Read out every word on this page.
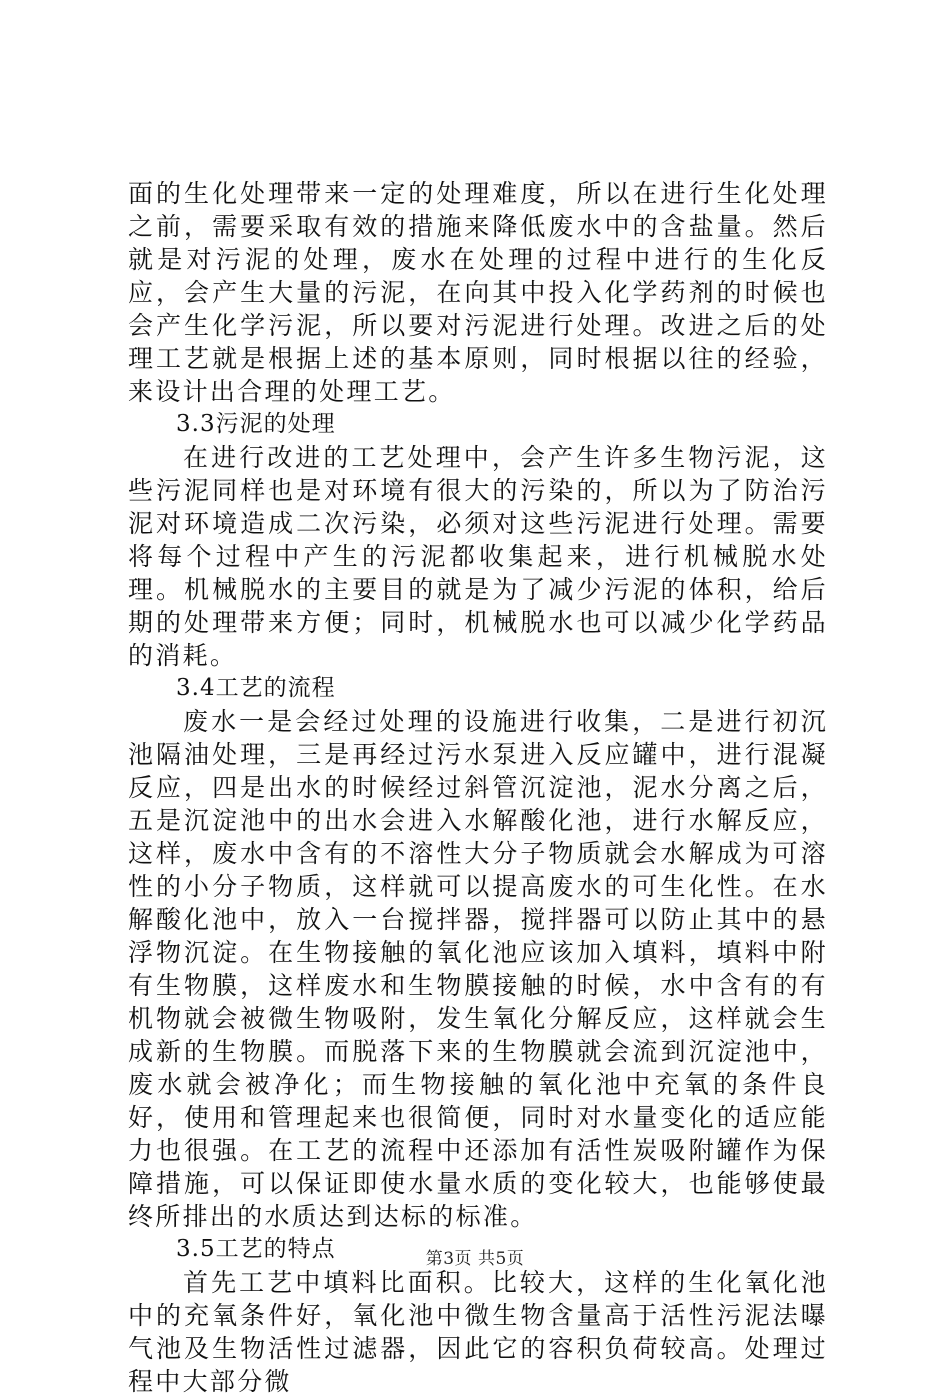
面的生化处理带来一定的处理难度，所以在进行生化处理之前，需要采取有效的措施来降低废水中的含盐量。然后就是对污泥的处理，废水在处理的过程中进行的生化反应，会产生大量的污泥，在向其中投入化学药剂的时候也会产生化学污泥，所以要对污泥进行处理。改进之后的处理工艺就是根据上述的基本原则，同时根据以往的经验，来设计出合理的处理工艺。

3.3污泥的处理

在进行改进的工艺处理中，会产生许多生物污泥，这些污泥同样也是对环境有很大的污染的，所以为了防治污泥对环境造成二次污染，必须对这些污泥进行处理。需要将每个过程中产生的污泥都收集起来，进行机械脱水处理。机械脱水的主要目的就是为了减少污泥的体积，给后期的处理带来方便；同时，机械脱水也可以减少化学药品的消耗。

3.4工艺的流程

废水一是会经过处理的设施进行收集，二是进行初沉池隔油处理，三是再经过污水泵进入反应罐中，进行混凝反应，四是出水的时候经过斜管沉淀池，泥水分离之后，五是沉淀池中的出水会进入水解酸化池，进行水解反应，这样，废水中含有的不溶性大分子物质就会水解成为可溶性的小分子物质，这样就可以提高废水的可生化性。在水解酸化池中，放入一台搅拌器，搅拌器可以防止其中的悬浮物沉淀。在生物接触的氧化池应该加入填料，填料中附有生物膜，这样废水和生物膜接触的时候，水中含有的有机物就会被微生物吸附，发生氧化分解反应，这样就会生成新的生物膜。而脱落下来的生物膜就会流到沉淀池中，废水就会被净化；而生物接触的氧化池中充氧的条件良好，使用和管理起来也很简便，同时对水量变化的适应能力也很强。在工艺的流程中还添加有活性炭吸附罐作为保障措施，可以保证即使水量水质的变化较大，也能够使最终所排出的水质达到达标的标准。

3.5工艺的特点

首先工艺中填料比面积。比较大，这样的生化氧化池中的充氧条件好，氧化池中微生物含量高于活性污泥法曝气池及生物活性过滤器，因此它的容积负荷较高。处理过程中大部分微

第3页 共5页
